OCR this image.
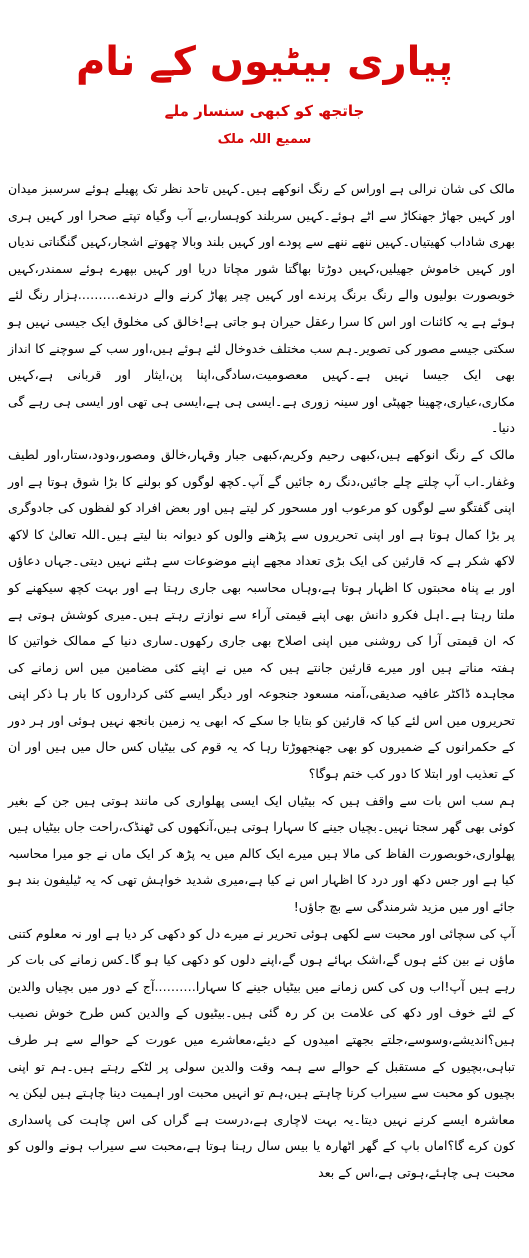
پیاری بیٹیوں کے نام
جاتجھ کو کبھی سنسار ملے
سمیع اللہ ملک

مالک کی شان نرالی ہے اوراس کے رنگ انوکھے ہیں۔کہیں تاحد نظر تک پھیلے ہوئے سرسبز میدان اور کہیں جھاڑ جھنکاڑ سے اٹے ہوئے۔کہیں سربلند کوہسار،بے آب وگیاہ تپتے صحرا اور کہیں ہری بھری شاداب کھیتیاں۔کہیں ننھے ننھے سے پودے اور کہیں بلند وبالا چھوتے اشجار،کہیں گنگناتی ندیاں اور کہیں خاموش جھیلیں،کہیں دوڑتا بھاگتا شور مچاتا دریا اور کہیں بپھرے ہوئے سمندر،کہیں خوبصورت بولیوں والے رنگ برنگ پرندے اور کہیں چیر پھاڑ کرنے والے درندے……….ہزار رنگ لئے ہوئے ہے یہ کائنات اور اس کا سرا رعقل حیران ہو جاتی ہے!خالق کی مخلوق ایک جیسی نہیں ہو سکتی جیسے مصور کی تصویر۔ہم سب مختلف خدوخال لئے ہوئے ہیں،اور سب کے سوچنے کا انداز بھی ایک جیسا نہیں ہے۔کہیں معصومیت،سادگی،اپنا پن،ایثار اور قربانی ہے،کہیں مکاری،عیاری،چھینا جھپٹی اور سینہ زوری ہے۔ایسی ہی ہے،ایسی ہی تھی اور ایسی ہی رہے گی دنیا۔

مالک کے رنگ انوکھے ہیں،کبھی رحیم وکریم،کبھی جبار وقہار،خالق ومصور،ودود،ستار،اور لطیف وغفار۔اب آپ چلتے چلے جائیں،دنگ رہ جائیں گے آپ۔کچھ لوگوں کو بولنے کا بڑا شوق ہوتا ہے اور اپنی گفتگو سے لوگوں کو مرعوب اور مسحور کر لیتے ہیں اور بعض افراد کو لفظوں کی جادوگری پر بڑا کمال ہوتا ہے اور اپنی تحریروں سے پڑھنے والوں کو دیوانہ بنا لیتے ہیں۔اللہ تعالیٰ کا لاکھ لاکھ شکر ہے کہ قارئین کی ایک بڑی تعداد مجھے اپنے موضوعات سے ہٹنے نہیں دیتی۔جہاں دعاؤں اور بے پناہ محبتوں کا اظہار ہوتا ہے،وہاں محاسبہ بھی جاری رہتا ہے اور بہت کچھ سیکھنے کو ملتا رہتا ہے۔اہل فکرو دانش بھی اپنے قیمتی آراء سے نوازتے رہتے ہیں۔میری کوشش ہوتی ہے کہ ان قیمتی آرا کی روشنی میں اپنی اصلاح بھی جاری رکھوں۔ساری دنیا کے ممالک خواتین کا ہفتہ مناتے ہیں اور میرے قارئین جانتے ہیں کہ میں نے اپنے کئی مضامین میں اس زمانے کی مجاہدہ ڈاکٹر عافیہ صدیقی،آمنہ مسعود جنجوعہ اور دیگر ایسے کئی کرداروں کا بار ہا ذکر اپنی تحریروں میں اس لئے کیا کہ قارئین کو بتایا جا سکے کہ ابھی یہ زمین بانجھ نہیں ہوئی اور ہر دور کے حکمرانوں کے ضمیروں کو بھی جھنجھوڑتا رہا کہ یہ قوم کی بیٹیاں کس حال میں ہیں اور ان کے تعذیب اور ابتلا کا دور کب ختم ہوگا؟

ہم سب اس بات سے واقف ہیں کہ بیٹیاں ایک ایسی پھلواری کی مانند ہوتی ہیں جن کے بغیر کوئی بھی گھر سجتا نہیں۔بچیاں جینے کا سہارا ہوتی ہیں،آنکھوں کی ٹھنڈک،راحت جاں بیٹیاں ہیں پھلواری،خوبصورت الفاظ کی مالا ہیں میرے ایک کالم میں یہ پڑھ کر ایک ماں نے جو میرا محاسبہ کیا ہے اور جس دکھ اور درد کا اظہار اس نے کیا ہے،میری شدید خواہش تھی کہ یہ ٹیلیفون بند ہو جائے اور میں مزید شرمندگی سے بچ جاؤں!

آپ کی سچائی اور محبت سے لکھی ہوئی تحریر نے میرے دل کو دکھی کر دیا ہے اور نہ معلوم کتنی ماؤں نے بین کئے ہوں گے،اشک بہائے ہوں گے،اپنے دلوں کو دکھی کیا ہو گا۔کس زمانے کی بات کر رہے ہیں آپ!اب وں کی کس زمانے میں بیٹیاں جینے کا سہارا……….آج کے دور میں بچیاں والدین کے لئے خوف اور دکھ کی علامت بن کر رہ گئی ہیں۔بیٹیوں کے والدین کس طرح خوش نصیب ہیں؟اندیشے،وسوسے،جلتے بجھتے امیدوں کے دیئے،معاشرے میں عورت کے حوالے سے ہر طرف تباہی،بچیوں کے مستقبل کے حوالے سے ہمہ وقت والدین سولی پر لٹکے رہتے ہیں۔ہم تو اپنی بچیوں کو محبت سے سیراب کرنا چاہتے ہیں،ہم تو انہیں محبت اور اہمیت دینا چاہتے ہیں لیکن یہ معاشرہ ایسے کرنے نہیں دیتا۔یہ بہت لاچاری ہے،درست ہے گراں کی اس چاہت کی پاسداری کون کرے گا؟اماں باپ کے گھر اٹھارہ یا بیس سال رہنا ہوتا ہے،محبت سے سیراب ہونے والوں کو محبت ہی چاہئے،ہوتی ہے،اس کے بعد
